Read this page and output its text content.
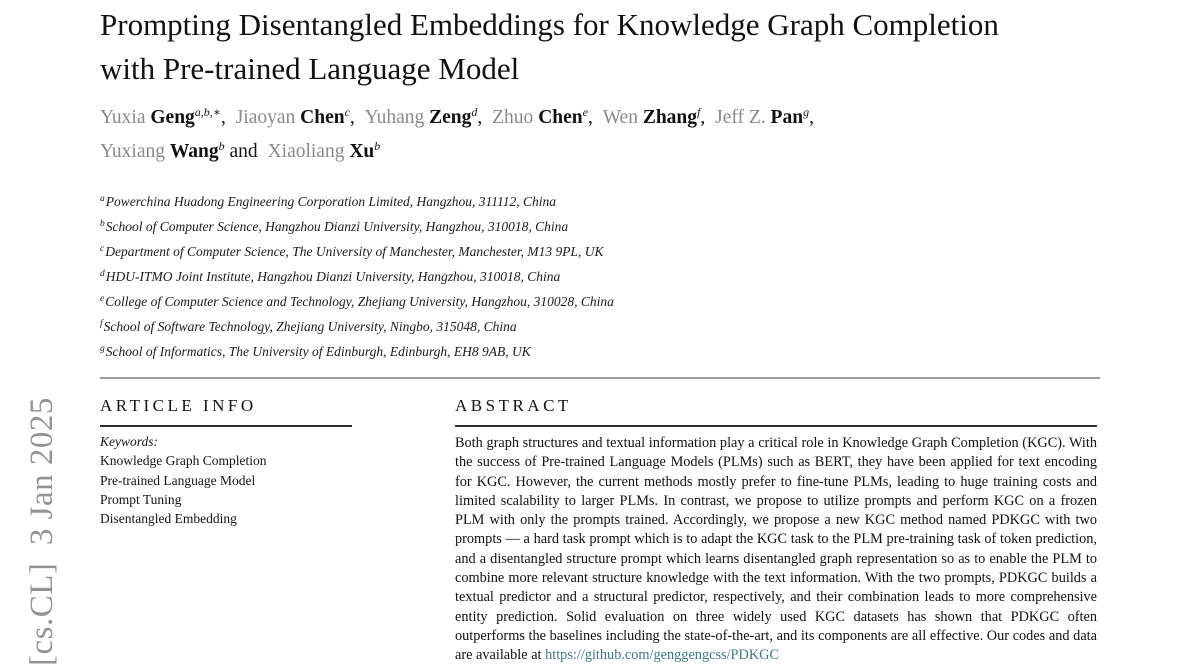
[cs.CL]  3 Jan 2025
Prompting Disentangled Embeddings for Knowledge Graph Completion with Pre-trained Language Model
Yuxia Geng$^{a,b,∗}$, Jiaoyan Chen$^c$, Yuhang Zeng$^d$, Zhuo Chen$^e$, Wen Zhang$^f$, Jeff Z. Pan$^g$,
Yuxiang Wang$^b$ and Xiaoliang Xu$^b$
$^a$Powerchina Huadong Engineering Corporation Limited, Hangzhou, 311112, China
$^b$School of Computer Science, Hangzhou Dianzi University, Hangzhou, 310018, China
$^c$Department of Computer Science, The University of Manchester, Manchester, M13 9PL, UK
$^d$HDU-ITMO Joint Institute, Hangzhou Dianzi University, Hangzhou, 310018, China
$^e$College of Computer Science and Technology, Zhejiang University, Hangzhou, 310028, China
$^f$School of Software Technology, Zhejiang University, Ningbo, 315048, China
$^g$School of Informatics, The University of Edinburgh, Edinburgh, EH8 9AB, UK
ARTICLE INFO
Keywords:
Knowledge Graph Completion
Pre-trained Language Model
Prompt Tuning
Disentangled Embedding
ABSTRACT

Both graph structures and textual information play a critical role in Knowledge Graph Completion (KGC). With the success of Pre-trained Language Models (PLMs) such as BERT, they have been applied for text encoding for KGC. However, the current methods mostly prefer to fine-tune PLMs, leading to huge training costs and limited scalability to larger PLMs. In contrast, we propose to utilize prompts and perform KGC on a frozen PLM with only the prompts trained. Accordingly, we propose a new KGC method named PDKGC with two prompts — a hard task prompt which is to adapt the KGC task to the PLM pre-training task of token prediction, and a disentangled structure prompt which learns disentangled graph representation so as to enable the PLM to combine more relevant structure knowledge with the text information. With the two prompts, PDKGC builds a textual predictor and a structural predictor, respectively, and their combination leads to more comprehensive entity prediction. Solid evaluation on three widely used KGC datasets has shown that PDKGC often outperforms the baselines including the state-of-the-art, and its components are all effective. Our codes and data are available at https://github.com/genggengcss/PDKGC
